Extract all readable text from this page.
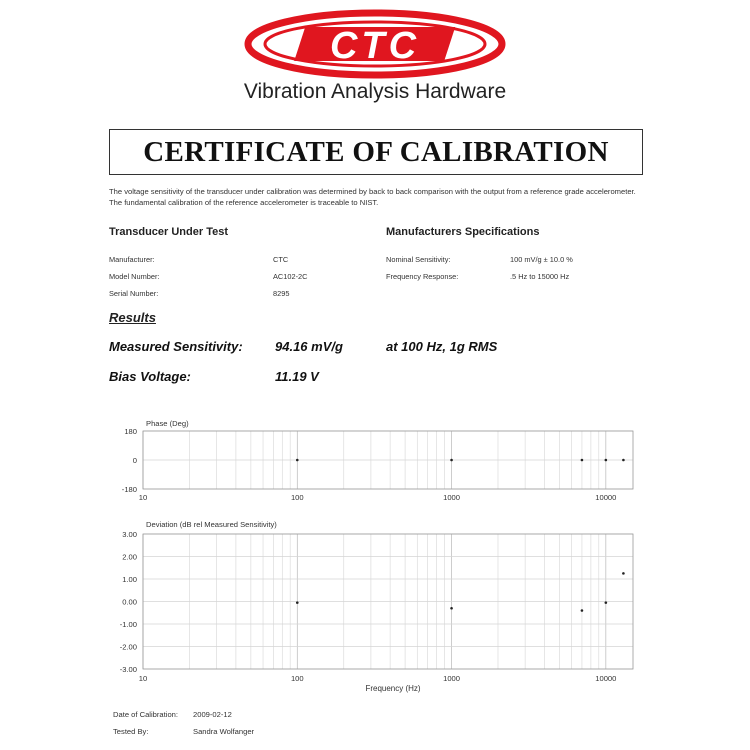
CTC
Vibration Analysis Hardware
CERTIFICATE OF CALIBRATION
The voltage sensitivity of the transducer under calibration was determined by back to back comparison with the output from a reference grade accelerometer. The fundamental calibration of the reference accelerometer is traceable to NIST.
Transducer Under Test
Manufacturer:	CTC
Model Number:	AC102-2C
Serial Number:	8295
Manufacturers Specifications
Nominal Sensitivity:	100 mV/g ± 10.0 %
Frequency Response:	.5 Hz to 15000 Hz
Results
Measured Sensitivity: 94.16 mV/g	at 100 Hz, 1g RMS
Bias Voltage:	11.19 V
Phase (Deg)
180
0
-180
10	100	1000	10000
Deviation (dB rel Measured Sensitivity)
3.00
2.00
1.00
0.00
-1.00
-2.00
-3.00
10	100	1000	10000
Frequency (Hz)
Date of Calibration: 2009-02-12
Tested By:	Sandra Wolfanger
